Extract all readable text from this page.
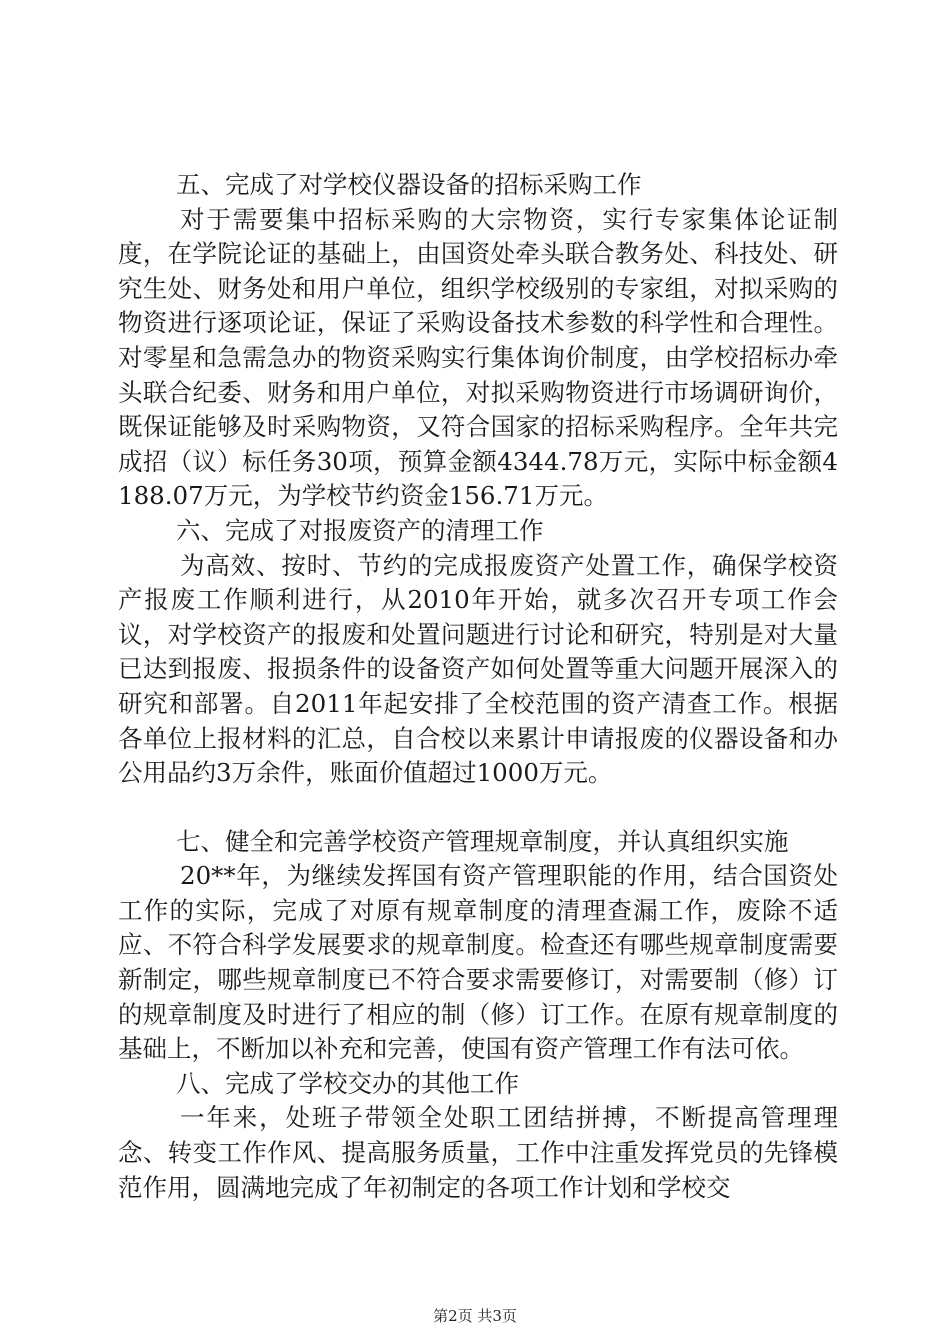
五、完成了对学校仪器设备的招标采购工作

对于需要集中招标采购的大宗物资，实行专家集体论证制度，在学院论证的基础上，由国资处牵头联合教务处、科技处、研究生处、财务处和用户单位，组织学校级别的专家组，对拟采购的物资进行逐项论证，保证了采购设备技术参数的科学性和合理性。对零星和急需急办的物资采购实行集体询价制度，由学校招标办牵头联合纪委、财务和用户单位，对拟采购物资进行市场调研询价，既保证能够及时采购物资，又符合国家的招标采购程序。全年共完成招（议）标任务30项，预算金额4344.78万元，实际中标金额4188.07万元，为学校节约资金156.71万元。

六、完成了对报废资产的清理工作

为高效、按时、节约的完成报废资产处置工作，确保学校资产报废工作顺利进行，从2010年开始，就多次召开专项工作会议，对学校资产的报废和处置问题进行讨论和研究，特别是对大量已达到报废、报损条件的设备资产如何处置等重大问题开展深入的研究和部署。自2011年起安排了全校范围的资产清查工作。根据各单位上报材料的汇总，自合校以来累计申请报废的仪器设备和办公用品约3万余件，账面价值超过1000万元。

七、健全和完善学校资产管理规章制度，并认真组织实施

20**年，为继续发挥国有资产管理职能的作用，结合国资处工作的实际，完成了对原有规章制度的清理查漏工作，废除不适应、不符合科学发展要求的规章制度。检查还有哪些规章制度需要新制定，哪些规章制度已不符合要求需要修订，对需要制（修）订的规章制度及时进行了相应的制（修）订工作。在原有规章制度的基础上，不断加以补充和完善，使国有资产管理工作有法可依。

八、完成了学校交办的其他工作

一年来，处班子带领全处职工团结拼搏，不断提高管理理念、转变工作作风、提高服务质量，工作中注重发挥党员的先锋模范作用，圆满地完成了年初制定的各项工作计划和学校交

第2页 共3页
